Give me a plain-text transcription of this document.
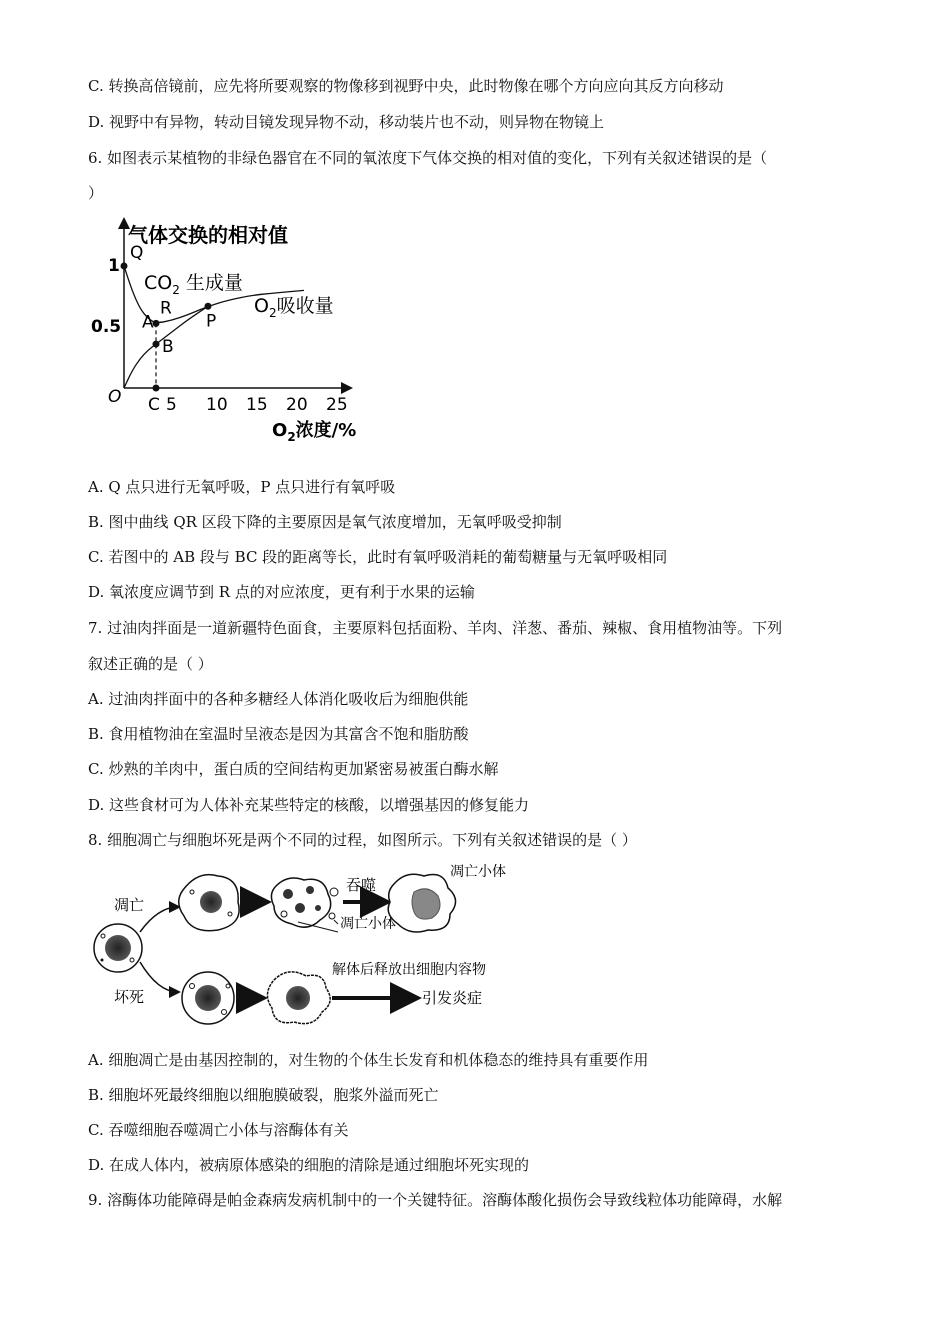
C. 转换高倍镜前，应先将所要观察的物像移到视野中央，此时物像在哪个方向应向其反方向移动
D. 视野中有异物，转动目镜发现异物不动，移动装片也不动，则异物在物镜上
6. 如图表示某植物的非绿色器官在不同的氧浓度下气体交换的相对值的变化，下列有关叙述错误的是（
）
气体交换的相对值
O
1
0.5
Q
R
A
B
P
C 5 10 15 20 25
$CO_2$ 生成量
$O_2$吸收量
$O_2$浓度/%
A. Q 点只进行无氧呼吸，P 点只进行有氧呼吸
B. 图中曲线 QR 区段下降的主要原因是氧气浓度增加，无氧呼吸受抑制
C. 若图中的 AB 段与 BC 段的距离等长，此时有氧呼吸消耗的葡萄糖量与无氧呼吸相同
D. 氧浓度应调节到 R 点的对应浓度，更有利于水果的运输
7. 过油肉拌面是一道新疆特色面食，主要原料包括面粉、羊肉、洋葱、番茄、辣椒、食用植物油等。下列
叙述正确的是（ ）
A. 过油肉拌面中的各种多糖经人体消化吸收后为细胞供能
B. 食用植物油在室温时呈液态是因为其富含不饱和脂肪酸
C. 炒熟的羊肉中，蛋白质的空间结构更加紧密易被蛋白酶水解
D. 这些食材可为人体补充某些特定的核酸，以增强基因的修复能力
8. 细胞凋亡与细胞坏死是两个不同的过程，如图所示。下列有关叙述错误的是（ ）
凋亡
坏死
凋亡小体
吞噬
凋亡小体
解体后释放出细胞内容物
引发炎症
A. 细胞凋亡是由基因控制的，对生物的个体生长发育和机体稳态的维持具有重要作用
B. 细胞坏死最终细胞以细胞膜破裂，胞浆外溢而死亡
C. 吞噬细胞吞噬凋亡小体与溶酶体有关
D. 在成人体内，被病原体感染的细胞的清除是通过细胞坏死实现的
9. 溶酶体功能障碍是帕金森病发病机制中的一个关键特征。溶酶体酸化损伤会导致线粒体功能障碍，水解
